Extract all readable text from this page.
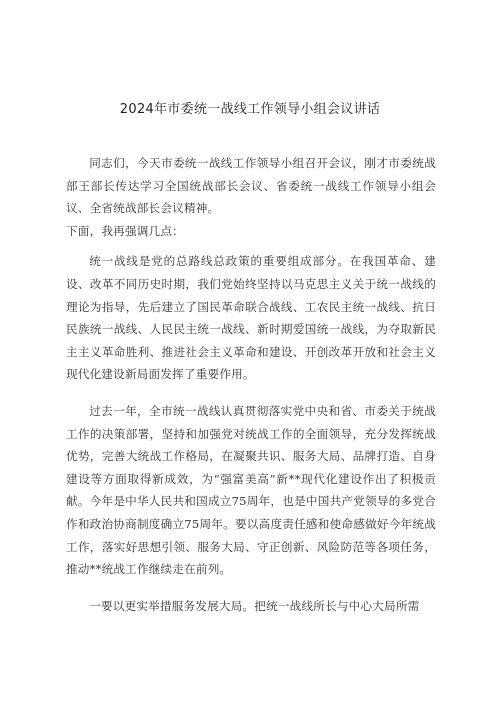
2024年市委统一战线工作领导小组会议讲话

同志们，今天市委统一战线工作领导小组召开会议，刚才市委统战部王部长传达学习全国统战部长会议、省委统一战线工作领导小组会议、全省统战部长会议精神。

下面，我再强调几点：

统一战线是党的总路线总政策的重要组成部分。在我国革命、建设、改革不同历史时期，我们党始终坚持以马克思主义关于统一战线的理论为指导，先后建立了国民革命联合战线、工农民主统一战线、抗日民族统一战线、人民民主统一战线、新时期爱国统一战线，为夺取新民主主义革命胜利、推进社会主义革命和建设、开创改革开放和社会主义现代化建设新局面发挥了重要作用。

过去一年，全市统一战线认真贯彻落实党中央和省、市委关于统战工作的决策部署，坚持和加强党对统战工作的全面领导，充分发挥统战优势，完善大统战工作格局，在凝聚共识、服务大局、品牌打造、自身建设等方面取得新成效，为“强富美高”新**现代化建设作出了积极贡献。今年是中华人民共和国成立75周年，也是中国共产党领导的多党合作和政治协商制度确立75周年。要以高度责任感和使命感做好今年统战工作，落实好思想引领、服务大局、守正创新、风险防范等各项任务，推动**统战工作继续走在前列。

一要以更实举措服务发展大局。把统一战线所长与中心大局所需
